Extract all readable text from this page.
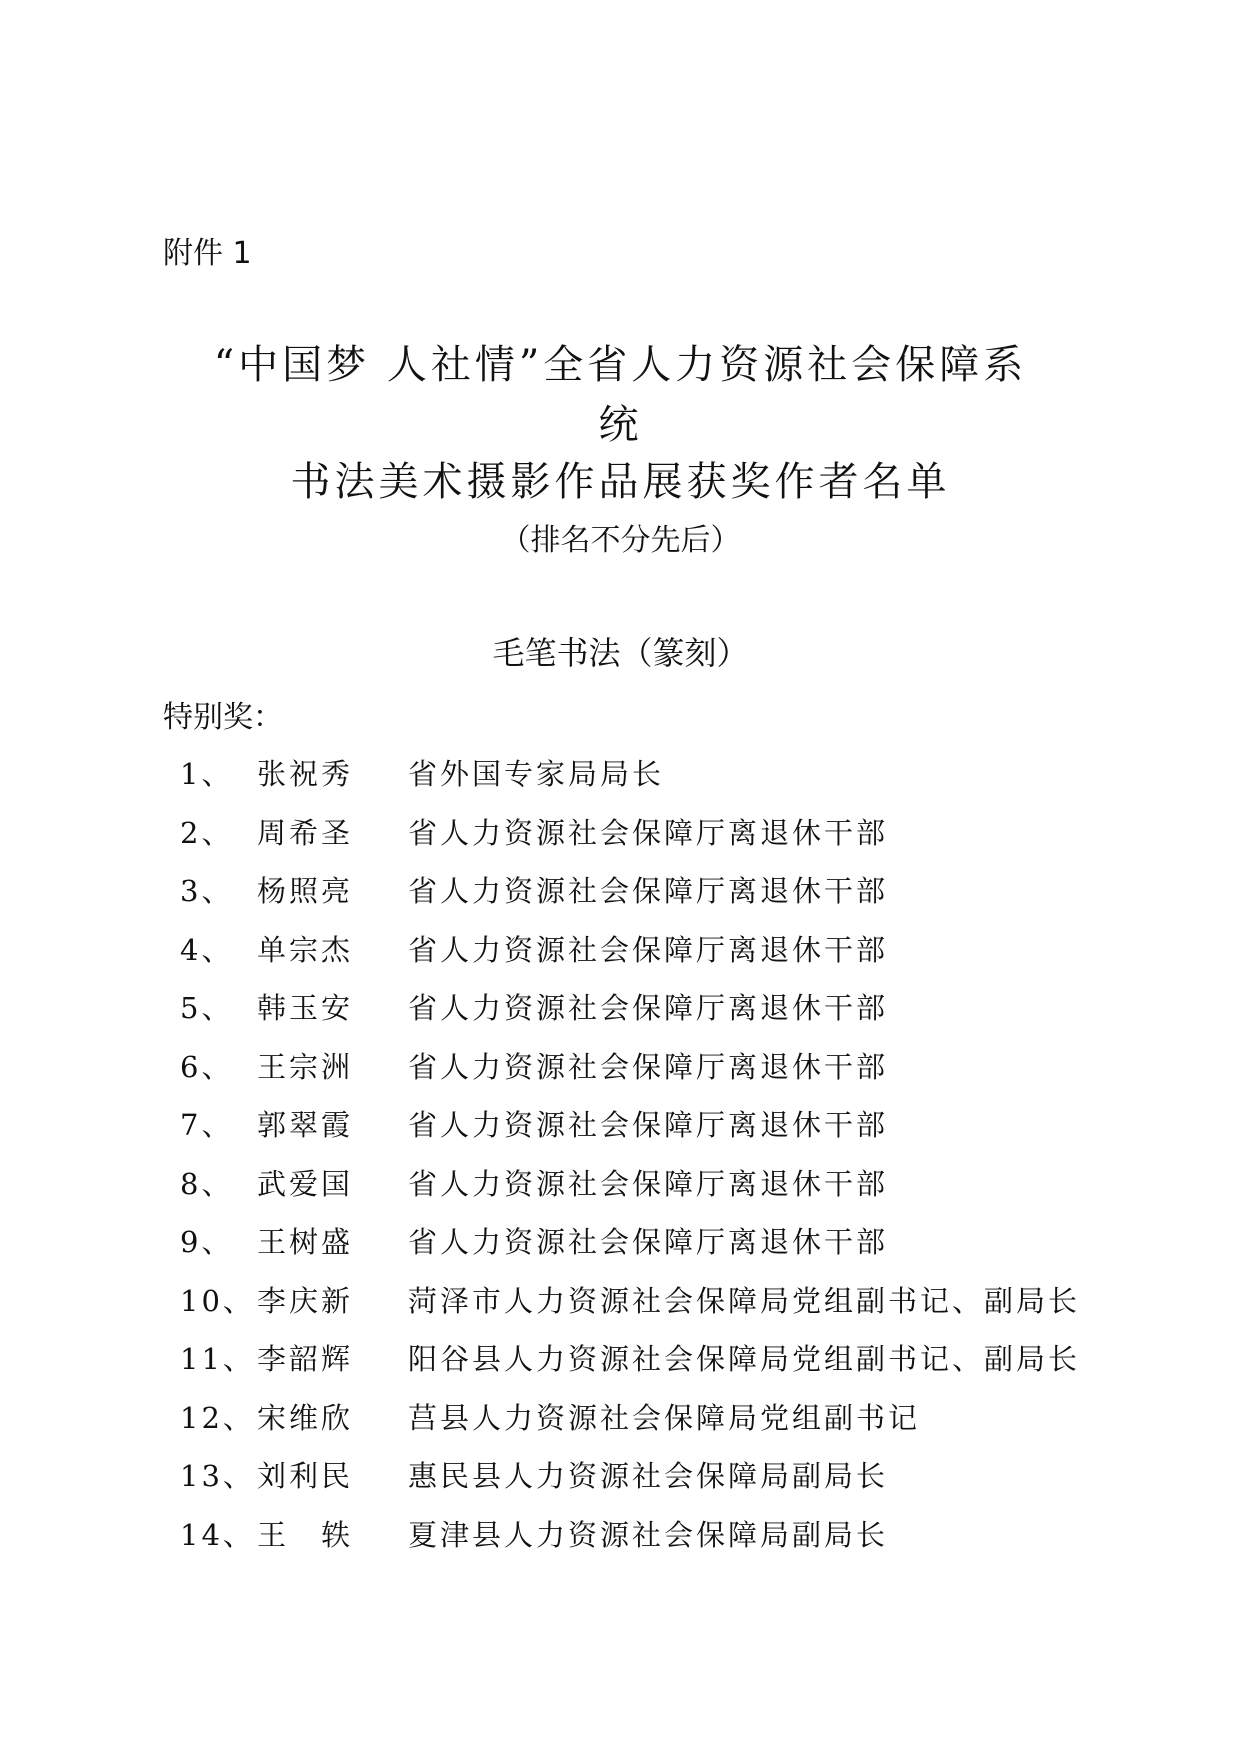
附件 1
“中国梦 人社情”全省人力资源社会保障系
统
书法美术摄影作品展获奖作者名单
（排名不分先后）
毛笔书法（篆刻）
特别奖：
1、 张祝秀 省外国专家局局长
2、 周希圣 省人力资源社会保障厅离退休干部
3、 杨照亮 省人力资源社会保障厅离退休干部
4、 单宗杰 省人力资源社会保障厅离退休干部
5、 韩玉安 省人力资源社会保障厅离退休干部
6、 王宗洲 省人力资源社会保障厅离退休干部
7、 郭翠霞 省人力资源社会保障厅离退休干部
8、 武爱国 省人力资源社会保障厅离退休干部
9、 王树盛 省人力资源社会保障厅离退休干部
10、 李庆新 菏泽市人力资源社会保障局党组副书记、副局长
11、 李韶辉 阳谷县人力资源社会保障局党组副书记、副局长
12、 宋维欣 莒县人力资源社会保障局党组副书记
13、 刘利民 惠民县人力资源社会保障局副局长
14、 王　轶 夏津县人力资源社会保障局副局长
